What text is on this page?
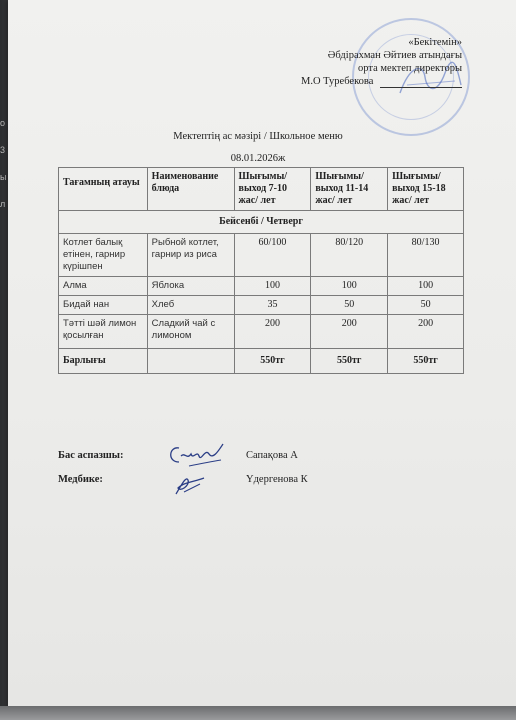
о
3
ы
л
«Бекітемін»
Әбдірахман Әйтиев атындағы
орта мектеп директоры
М.О Туребекова
Мектептің ас мәзірі / Школьное меню
08.01.2026ж
Тағамның атауы	Наименование блюда	Шығымы/ выход 7-10 жас/ лет	Шығымы/ выход 11-14 жас/ лет	Шығымы/ выход 15-18 жас/ лет
Бейсенбі / Четверг				
Котлет балық етінен, гарнир күрішпен	Рыбной котлет, гарнир из риса	60/100	80/120	80/130
Алма	Яблока	100	100	100
Бидай нан	Хлеб	35	50	50
Тәтті шәй лимон қосылған	Сладкий чай с лимоном	200	200	200
Барлығы		550тг	550тг	550тг
Бас аспазшы:	Сапақова А
Медбике:	Үдергенова К
